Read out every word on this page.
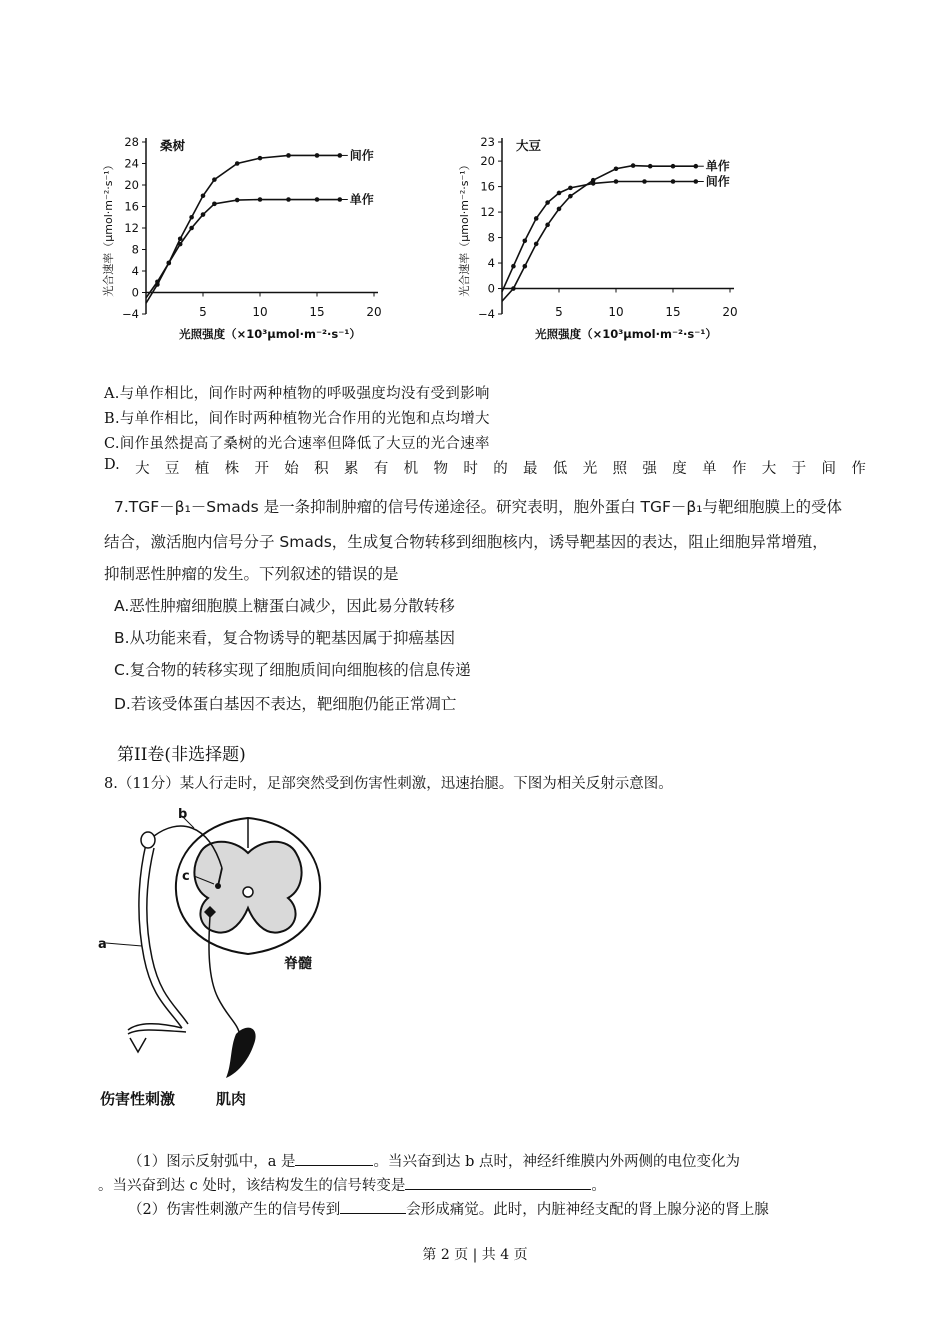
−4
0
4
8
12
16
20
24
28
5	10	15	20
光合速率（μmol·m⁻²·s⁻¹）
光照强度（×10³μmol·m⁻²·s⁻¹）
桑树
间作
单作
−4
0
4
8
12
16
20
23
5	10	15	20
光合速率（μmol·m⁻²·s⁻¹）
光照强度（×10³μmol·m⁻²·s⁻¹）
大豆
单作
间作
A.与单作相比，间作时两种植物的呼吸强度均没有受到影响
B.与单作相比，间作时两种植物光合作用的光饱和点均增大
C.间作虽然提高了桑树的光合速率但降低了大豆的光合速率
D. 大 豆 植 株 开 始 积 累 有 机 物 时 的 最 低 光 照 强 度 单 作 大 于 间 作
7.TGF－β₁－Smads 是一条抑制肿瘤的信号传递途径。研究表明，胞外蛋白 TGF－β₁与靶细胞膜上的受体
结合，激活胞内信号分子 Smads，生成复合物转移到细胞核内，诱导靶基因的表达，阻止细胞异常增殖，
抑制恶性肿瘤的发生。下列叙述的错误的是
A.恶性肿瘤细胞膜上糖蛋白减少，因此易分散转移
B.从功能来看，复合物诱导的靶基因属于抑癌基因
C.复合物的转移实现了细胞质间向细胞核的信息传递
D.若该受体蛋白基因不表达，靶细胞仍能正常凋亡
第II卷(非选择题)
8.（11分）某人行走时，足部突然受到伤害性刺激，迅速抬腿。下图为相关反射示意图。
a
b
c
脊髓
伤害性刺激	肌肉
（1）图示反射弧中，a 是	。当兴奋到达 b 点时，神经纤维膜内外两侧的电位变化为
。当兴奋到达 c 处时，该结构发生的信号转变是	。
（2）伤害性刺激产生的信号传到	会形成痛觉。此时，内脏神经支配的肾上腺分泌的肾上腺
第 2 页 | 共 4 页
